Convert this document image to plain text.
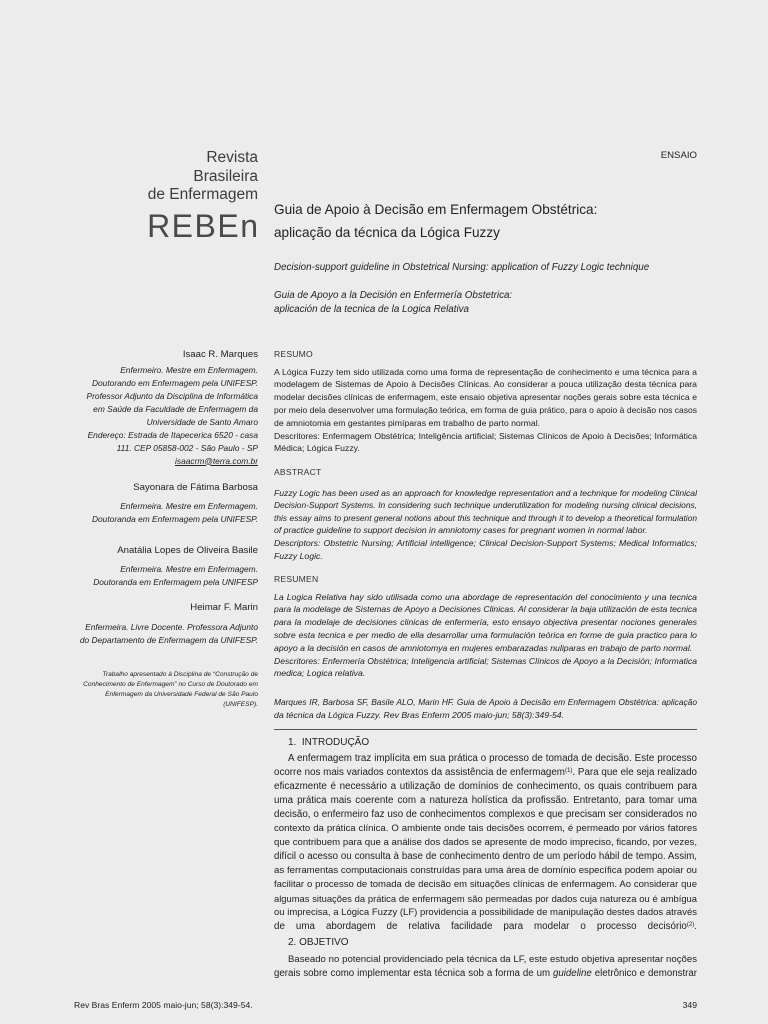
Revista
Brasileira
de Enfermagem
REBEn
ENSAIO
Guia de Apoio à Decisão em Enfermagem Obstétrica:
aplicação da técnica da Lógica Fuzzy
Decision-support guideline in Obstetrical Nursing: application of Fuzzy Logic technique
Guia de Apoyo a la Decisión en Enfermería Obstetrica:
aplicación de la tecnica de la Logica Relativa
Isaac R. Marques
Enfermeiro. Mestre em Enfermagem.
Doutorando em Enfermagem pela UNIFESP.
Professor Adjunto da Disciplina de Informática
em Saúde da Faculdade de Enfermagem da
Universidade de Santo Amaro
Endereço: Estrada de Itapecerica 6520 - casa
111. CEP 05858-002 - São Paulo - SP
isaacrm@terra.com.br
Sayonara de Fátima Barbosa
Enfermeira. Mestre em Enfermagem.
Doutoranda em Enfermagem pela UNIFESP.
Anatália Lopes de Oliveira Basile
Enfermeira. Mestre em Enfermagem.
Doutoranda em Enfermagem pela UNIFESP
Heimar F. Marin
Enfermeira. Livre Docente. Professora Adjunto
do Departamento de Enfermagem da UNIFESP.
Trabalho apresentado à Disciplina de “Construção de
Conhecimento de Enfermagem” no Curso de Doutorado em
Enfermagem da Universidade Federal de São Paulo
(UNIFESP).
RESUMO
A Lógica Fuzzy tem sido utilizada como uma forma de representação de conhecimento e uma técnica para a
modelagem de Sistemas de Apoio à Decisões Clínicas. Ao considerar a pouca utilização desta técnica para
modelar decisões clínicas de enfermagem, este ensaio objetiva apresentar noções gerais sobre esta técnica e
por meio dela desenvolver uma formulação teórica, em forma de guia prático, para o apoio à decisão nos casos
de amniotomia em gestantes pimíparas em trabalho de parto normal.
Descritores: Enfermagem Obstétrica; Inteligência artificial; Sistemas Clínicos de Apoio à Decisões; Informática
Médica; Lógica Fuzzy.
ABSTRACT
Fuzzy Logic has been used as an approach for knowledge representation and a technique for modeling Clinical
Decision-Support Systems. In considering such technique underutilization for modeling nursing clinical decisions,
this essay aims to present general notions about this technique and through it to develop a theoretical formulation
of practice guideline to support decision in amniotomy cases for pregnant women in normal labor.
Descriptors: Obstetric Nursing; Artificial intelligence; Clinical Decision-Support Systems; Medical Informatics;
Fuzzy Logic.
RESUMEN
La Logica Relativa hay sido utilisada como una abordage de representación del conocimiento y una tecnica
para la modelage de Sistemas de Apoyo a Decisiones Clinicas. Al considerar la baja utilización de esta tecnica
para la modelaje de decisiones clinicas de enfermería, esto ensayo objectiva presentar nociones generales
sobre esta tecnica e per medio de ella desarrollar uma formulación teórica en forme de guia practico para lo
apoyo a la decisión en casos de amniotomya en mujeres embarazadas nuliparas en trabajo de parto normal.
Descritores: Enfermería Obstétrica; Inteligencia artificial; Sistemas Clínicos de Apoyo a la Decisión; Informatica
medica; Logica relativa.
Marques IR, Barbosa SF, Basile ALO, Marin HF. Guia de Apoio à Decisão em Enfermagem Obstétrica: aplicação
da técnica da Lógica Fuzzy. Rev Bras Enferm 2005 maio-jun; 58(3):349-54.
1.  INTRODUÇÃO
A enfermagem traz implícita em sua prática o processo de tomada de decisão. Este processo
ocorre nos mais variados contextos da assistência de enfermagem$^{(1)}$. Para que ele seja realizado
eficazmente é necessário a utilização de domínios de conhecimento, os quais contribuem para
uma prática mais coerente com a natureza holística da profissão. Entretanto, para tomar uma
decisão, o enfermeiro faz uso de conhecimentos complexos e que precisam ser considerados no
contexto da prática clínica. O ambiente onde tais decisões ocorrem, é permeado por vários fatores
que contribuem para que a análise dos dados se apresente de modo impreciso, ficando, por vezes,
difícil o acesso ou consulta à base de conhecimento dentro de um período hábil de tempo. Assim,
as ferramentas computacionais construídas para uma área de domínio específica podem apoiar ou
facilitar o processo de tomada de decisão em situações clínicas de enfermagem. Ao considerar que
algumas situações da prática de enfermagem são permeadas por dados cuja natureza ou é ambígua
ou imprecisa, a Lógica Fuzzy (LF) providencia a possibilidade de manipulação destes dados através
de uma abordagem de relativa facilidade para modelar o processo decisório$^{(2)}$.
2. OBJETIVO
Baseado no potencial providenciado pela técnica da LF, este estudo objetiva apresentar noções
gerais sobre como implementar esta técnica sob a forma de um guideline eletrônico e demonstrar
Rev Bras Enferm 2005 maio-jun; 58(3):349-54.	349
